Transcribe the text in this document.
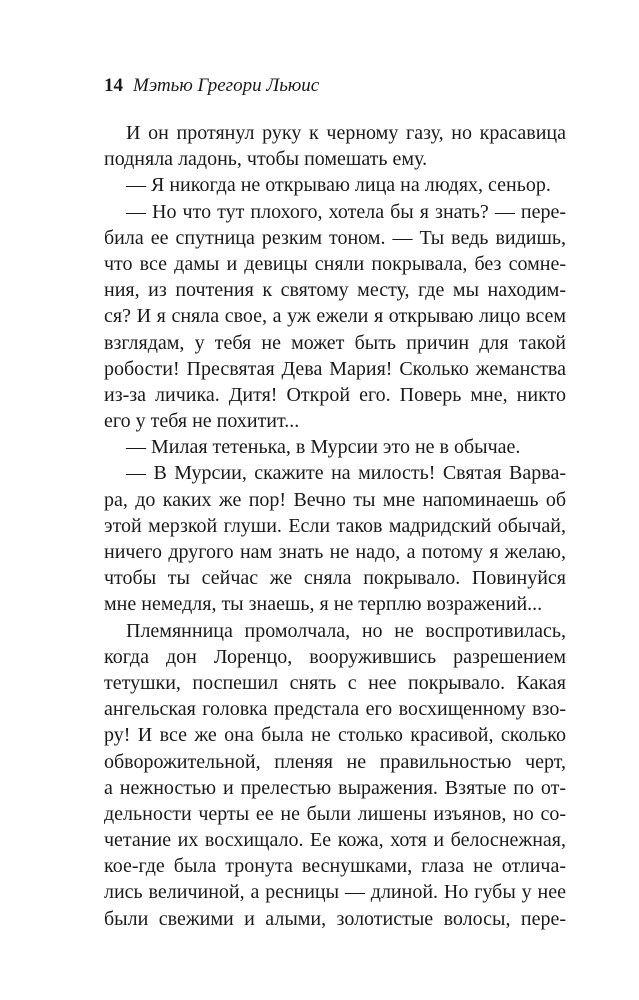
14 Мэтью Грегори Льюис
И он протянул руку к черному газу, но красавица
подняла ладонь, чтобы помешать ему.
— Я никогда не открываю лица на людях, сеньор.
— Но что тут плохого, хотела бы я знать? — пере-
била ее спутница резким тоном. — Ты ведь видишь,
что все дамы и девицы сняли покрывала, без сомне-
ния, из почтения к святому месту, где мы находим-
ся? И я сняла свое, а уж ежели я открываю лицо всем
взглядам, у тебя не может быть причин для такой
робости! Пресвятая Дева Мария! Сколько жеманства
из-за личика. Дитя! Открой его. Поверь мне, никто
его у тебя не похитит...
— Милая тетенька, в Мурсии это не в обычае.
— В Мурсии, скажите на милость! Святая Варва-
ра, до каких же пор! Вечно ты мне напоминаешь об
этой мерзкой глуши. Если таков мадридский обычай,
ничего другого нам знать не надо, а потому я желаю,
чтобы ты сейчас же сняла покрывало. Повинуйся
мне немедля, ты знаешь, я не терплю возражений...
Племянница промолчала, но не воспротивилась,
когда дон Лоренцо, вооружившись разрешением
тетушки, поспешил снять с нее покрывало. Какая
ангельская головка предстала его восхищенному взо-
ру! И все же она была не столько красивой, сколько
обворожительной, пленяя не правильностью черт,
а нежностью и прелестью выражения. Взятые по от-
дельности черты ее не были лишены изъянов, но со-
четание их восхищало. Ее кожа, хотя и белоснежная,
кое-где была тронута веснушками, глаза не отлича-
лись величиной, а ресницы — длиной. Но губы у нее
были свежими и алыми, золотистые волосы, пере-
